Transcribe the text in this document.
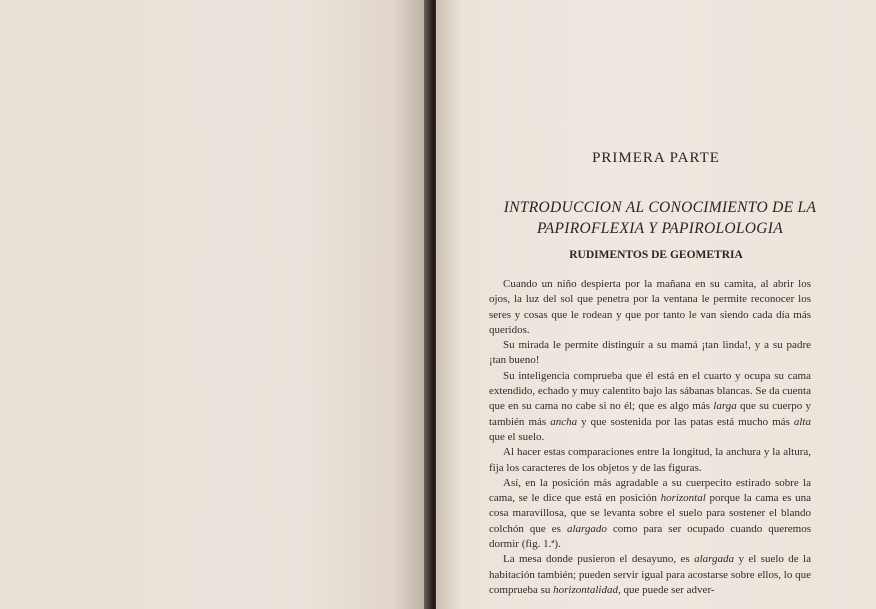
PRIMERA PARTE
INTRODUCCION AL CONOCIMIENTO DE LA PAPIROFLEXIA Y PAPIROLOLOGIA
RUDIMENTOS DE GEOMETRIA

Cuando un niño despierta por la mañana en su camita, al abrir los ojos, la luz del sol que penetra por la ventana le permite reconocer los seres y cosas que le rodean y que por tanto le van siendo cada día más queridos.

Su mirada le permite distinguir a su mamá ¡tan linda!, y a su padre ¡tan bueno!

Su inteligencia comprueba que él está en el cuarto y ocupa su cama extendido, echado y muy calentito bajo las sábanas blancas. Se da cuenta que en su cama no cabe si no él; que es algo más larga que su cuerpo y también más ancha y que sostenida por las patas está mucho más alta que el suelo.

Al hacer estas comparaciones entre la longitud, la anchura y la altura, fija los caracteres de los objetos y de las figuras.

Así, en la posición más agradable a su cuerpecito estirado sobre la cama, se le dice que está en posición horizontal porque la cama es una cosa maravillosa, que se levanta sobre el suelo para sostener el blando colchón que es alargado como para ser ocupado cuando queremos dormir (fig. 1.ª).

La mesa donde pusieron el desayuno, es alargada y el suelo de la habitación también; pueden servir igual para acostarse sobre ellos, lo que comprueba su horizontalidad, que puede ser adver-
